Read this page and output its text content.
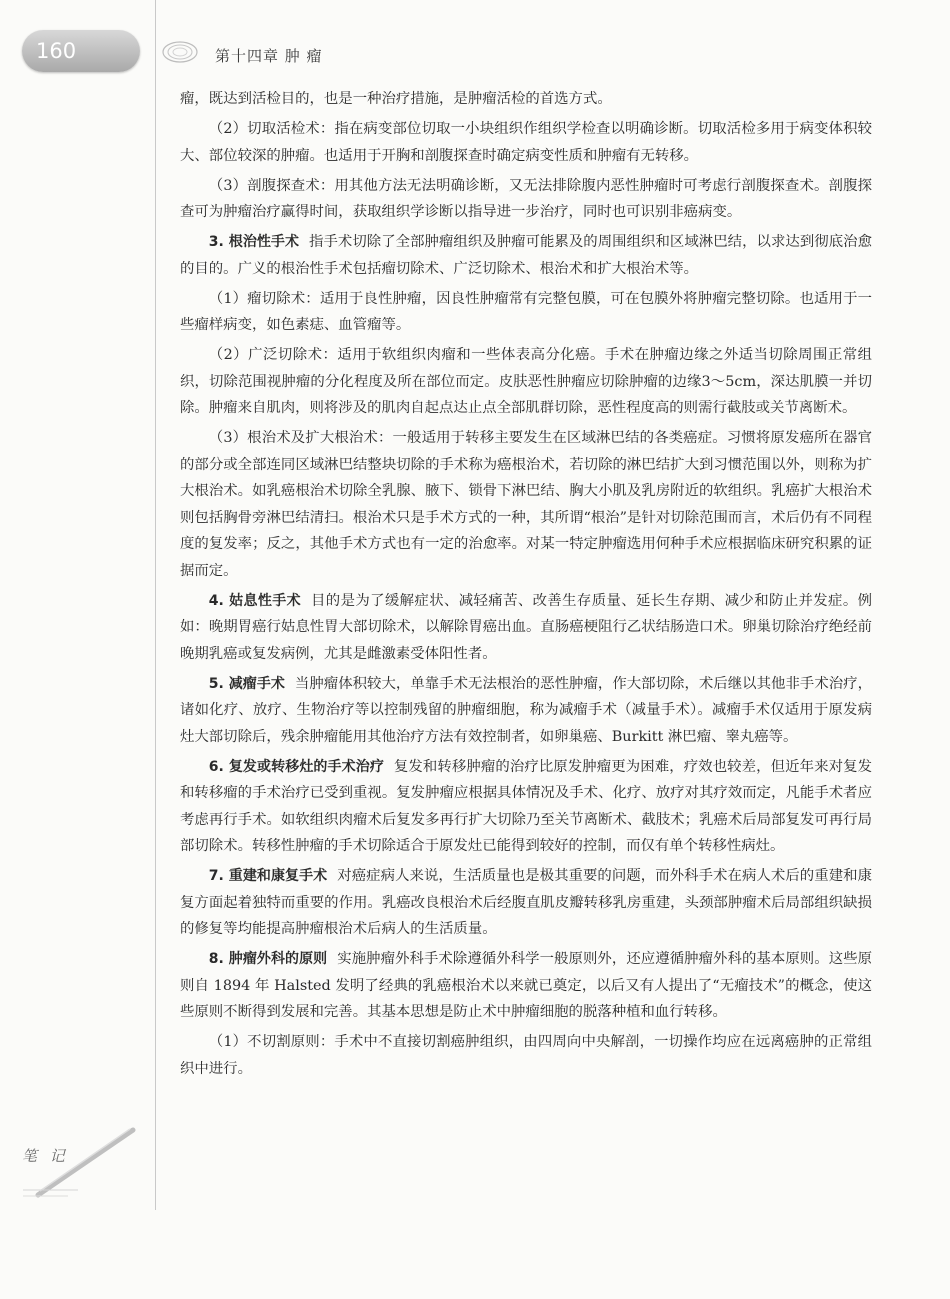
160	第十四章 肿 瘤

瘤，既达到活检目的，也是一种治疗措施，是肿瘤活检的首选方式。

（2）切取活检术：指在病变部位切取一小块组织作组织学检查以明确诊断。切取活检多用于病变体积较大、部位较深的肿瘤。也适用于开胸和剖腹探查时确定病变性质和肿瘤有无转移。

（3）剖腹探查术：用其他方法无法明确诊断，又无法排除腹内恶性肿瘤时可考虑行剖腹探查术。剖腹探查可为肿瘤治疗赢得时间，获取组织学诊断以指导进一步治疗，同时也可识别非癌病变。

3. 根治性手术 指手术切除了全部肿瘤组织及肿瘤可能累及的周围组织和区域淋巴结，以求达到彻底治愈的目的。广义的根治性手术包括瘤切除术、广泛切除术、根治术和扩大根治术等。

（1）瘤切除术：适用于良性肿瘤，因良性肿瘤常有完整包膜，可在包膜外将肿瘤完整切除。也适用于一些瘤样病变，如色素痣、血管瘤等。

（2）广泛切除术：适用于软组织肉瘤和一些体表高分化癌。手术在肿瘤边缘之外适当切除周围正常组织，切除范围视肿瘤的分化程度及所在部位而定。皮肤恶性肿瘤应切除肿瘤的边缘3～5cm，深达肌膜一并切除。肿瘤来自肌肉，则将涉及的肌肉自起点达止点全部肌群切除，恶性程度高的则需行截肢或关节离断术。

（3）根治术及扩大根治术：一般适用于转移主要发生在区域淋巴结的各类癌症。习惯将原发癌所在器官的部分或全部连同区域淋巴结整块切除的手术称为癌根治术，若切除的淋巴结扩大到习惯范围以外，则称为扩大根治术。如乳癌根治术切除全乳腺、腋下、锁骨下淋巴结、胸大小肌及乳房附近的软组织。乳癌扩大根治术则包括胸骨旁淋巴结清扫。根治术只是手术方式的一种，其所谓“根治”是针对切除范围而言，术后仍有不同程度的复发率；反之，其他手术方式也有一定的治愈率。对某一特定肿瘤选用何种手术应根据临床研究积累的证据而定。

4. 姑息性手术 目的是为了缓解症状、减轻痛苦、改善生存质量、延长生存期、减少和防止并发症。例如：晚期胃癌行姑息性胃大部切除术，以解除胃癌出血。直肠癌梗阻行乙状结肠造口术。卵巢切除治疗绝经前晚期乳癌或复发病例，尤其是雌激素受体阳性者。

5. 减瘤手术 当肿瘤体积较大，单靠手术无法根治的恶性肿瘤，作大部切除，术后继以其他非手术治疗，诸如化疗、放疗、生物治疗等以控制残留的肿瘤细胞，称为减瘤手术（减量手术）。减瘤手术仅适用于原发病灶大部切除后，残余肿瘤能用其他治疗方法有效控制者，如卵巢癌、Burkitt 淋巴瘤、睾丸癌等。

6. 复发或转移灶的手术治疗 复发和转移肿瘤的治疗比原发肿瘤更为困难，疗效也较差，但近年来对复发和转移瘤的手术治疗已受到重视。复发肿瘤应根据具体情况及手术、化疗、放疗对其疗效而定，凡能手术者应考虑再行手术。如软组织肉瘤术后复发多再行扩大切除乃至关节离断术、截肢术；乳癌术后局部复发可再行局部切除术。转移性肿瘤的手术切除适合于原发灶已能得到较好的控制，而仅有单个转移性病灶。

7. 重建和康复手术 对癌症病人来说，生活质量也是极其重要的问题，而外科手术在病人术后的重建和康复方面起着独特而重要的作用。乳癌改良根治术后经腹直肌皮瓣转移乳房重建，头颈部肿瘤术后局部组织缺损的修复等均能提高肿瘤根治术后病人的生活质量。

8. 肿瘤外科的原则 实施肿瘤外科手术除遵循外科学一般原则外，还应遵循肿瘤外科的基本原则。这些原则自 1894 年 Halsted 发明了经典的乳癌根治术以来就已奠定，以后又有人提出了“无瘤技术”的概念，使这些原则不断得到发展和完善。其基本思想是防止术中肿瘤细胞的脱落种植和血行转移。

（1）不切割原则：手术中不直接切割癌肿组织，由四周向中央解剖，一切操作均应在远离癌肿的正常组织中进行。

笔 记
